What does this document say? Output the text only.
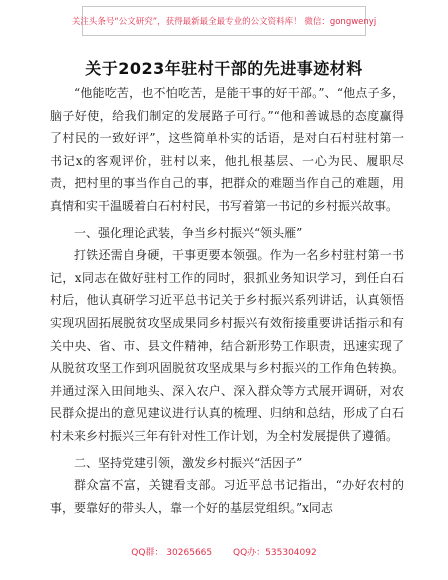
关注头条号“公文研究”，获得最新最全最专业的公文资料库！ 微信：gongwenyj
关于2023年驻村干部的先进事迹材料

“他能吃苦，也不怕吃苦，是能干事的好干部。”、“他点子多，脑子好使，给我们制定的发展路子可行。”“他和善诚恳的态度赢得了村民的一致好评”，这些简单朴实的话语，是对白石村驻村第一书记x的客观评价，驻村以来，他扎根基层、一心为民、履职尽责，把村里的事当作自己的事，把群众的难题当作自己的难题，用真情和实干温暖着白石村村民，书写着第一书记的乡村振兴故事。

一、强化理论武装，争当乡村振兴“领头雁”

打铁还需自身硬，干事更要本领强。作为一名乡村驻村第一书记，x同志在做好驻村工作的同时，狠抓业务知识学习，到任白石村后，他认真研学习近平总书记关于乡村振兴系列讲话，认真领悟实现巩固拓展脱贫攻坚成果同乡村振兴有效衔接重要讲话指示和有关中央、省、市、县文件精神，结合新形势工作职责，迅速实现了从脱贫攻坚工作到巩固脱贫攻坚成果与乡村振兴的工作角色转换。并通过深入田间地头、深入农户、深入群众等方式展开调研，对农民群众提出的意见建议进行认真的梳理、归纳和总结，形成了白石村未来乡村振兴三年有针对性工作计划，为全村发展提供了遵循。

二、坚持党建引领，激发乡村振兴“活因子”

群众富不富，关键看支部。习近平总书记指出，“办好农村的事，要靠好的带头人，靠一个好的基层党组织。”x同志

QQ群： 30265665 QQ办：535304092
